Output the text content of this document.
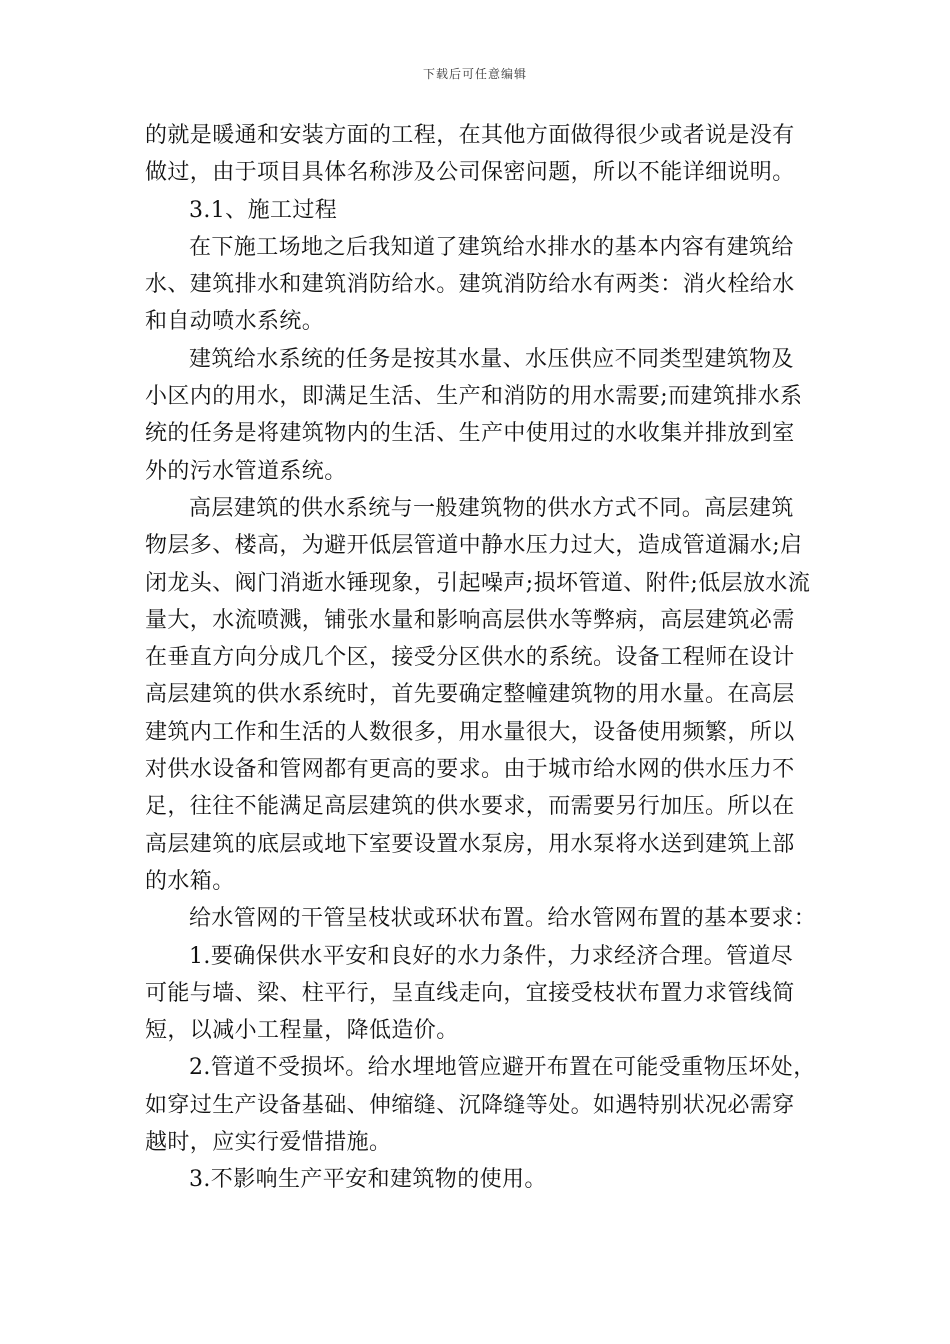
下载后可任意编辑
的就是暖通和安装方面的工程，在其他方面做得很少或者说是没有
做过，由于项目具体名称涉及公司保密问题，所以不能详细说明。
3.1、施工过程
在下施工场地之后我知道了建筑给水排水的基本内容有建筑给
水、建筑排水和建筑消防给水。建筑消防给水有两类：消火栓给水
和自动喷水系统。
建筑给水系统的任务是按其水量、水压供应不同类型建筑物及
小区内的用水，即满足生活、生产和消防的用水需要;而建筑排水系
统的任务是将建筑物内的生活、生产中使用过的水收集并排放到室
外的污水管道系统。
高层建筑的供水系统与一般建筑物的供水方式不同。高层建筑
物层多、楼高，为避开低层管道中静水压力过大，造成管道漏水;启
闭龙头、阀门消逝水锤现象，引起噪声;损坏管道、附件;低层放水流
量大，水流喷溅，铺张水量和影响高层供水等弊病，高层建筑必需
在垂直方向分成几个区，接受分区供水的系统。设备工程师在设计
高层建筑的供水系统时，首先要确定整幢建筑物的用水量。在高层
建筑内工作和生活的人数很多，用水量很大，设备使用频繁，所以
对供水设备和管网都有更高的要求。由于城市给水网的供水压力不
足，往往不能满足高层建筑的供水要求，而需要另行加压。所以在
高层建筑的底层或地下室要设置水泵房，用水泵将水送到建筑上部
的水箱。
给水管网的干管呈枝状或环状布置。给水管网布置的基本要求：
1.要确保供水平安和良好的水力条件，力求经济合理。管道尽
可能与墙、梁、柱平行，呈直线走向，宜接受枝状布置力求管线简
短，以减小工程量，降低造价。
2.管道不受损坏。给水埋地管应避开布置在可能受重物压坏处，
如穿过生产设备基础、伸缩缝、沉降缝等处。如遇特别状况必需穿
越时，应实行爱惜措施。
3.不影响生产平安和建筑物的使用。
